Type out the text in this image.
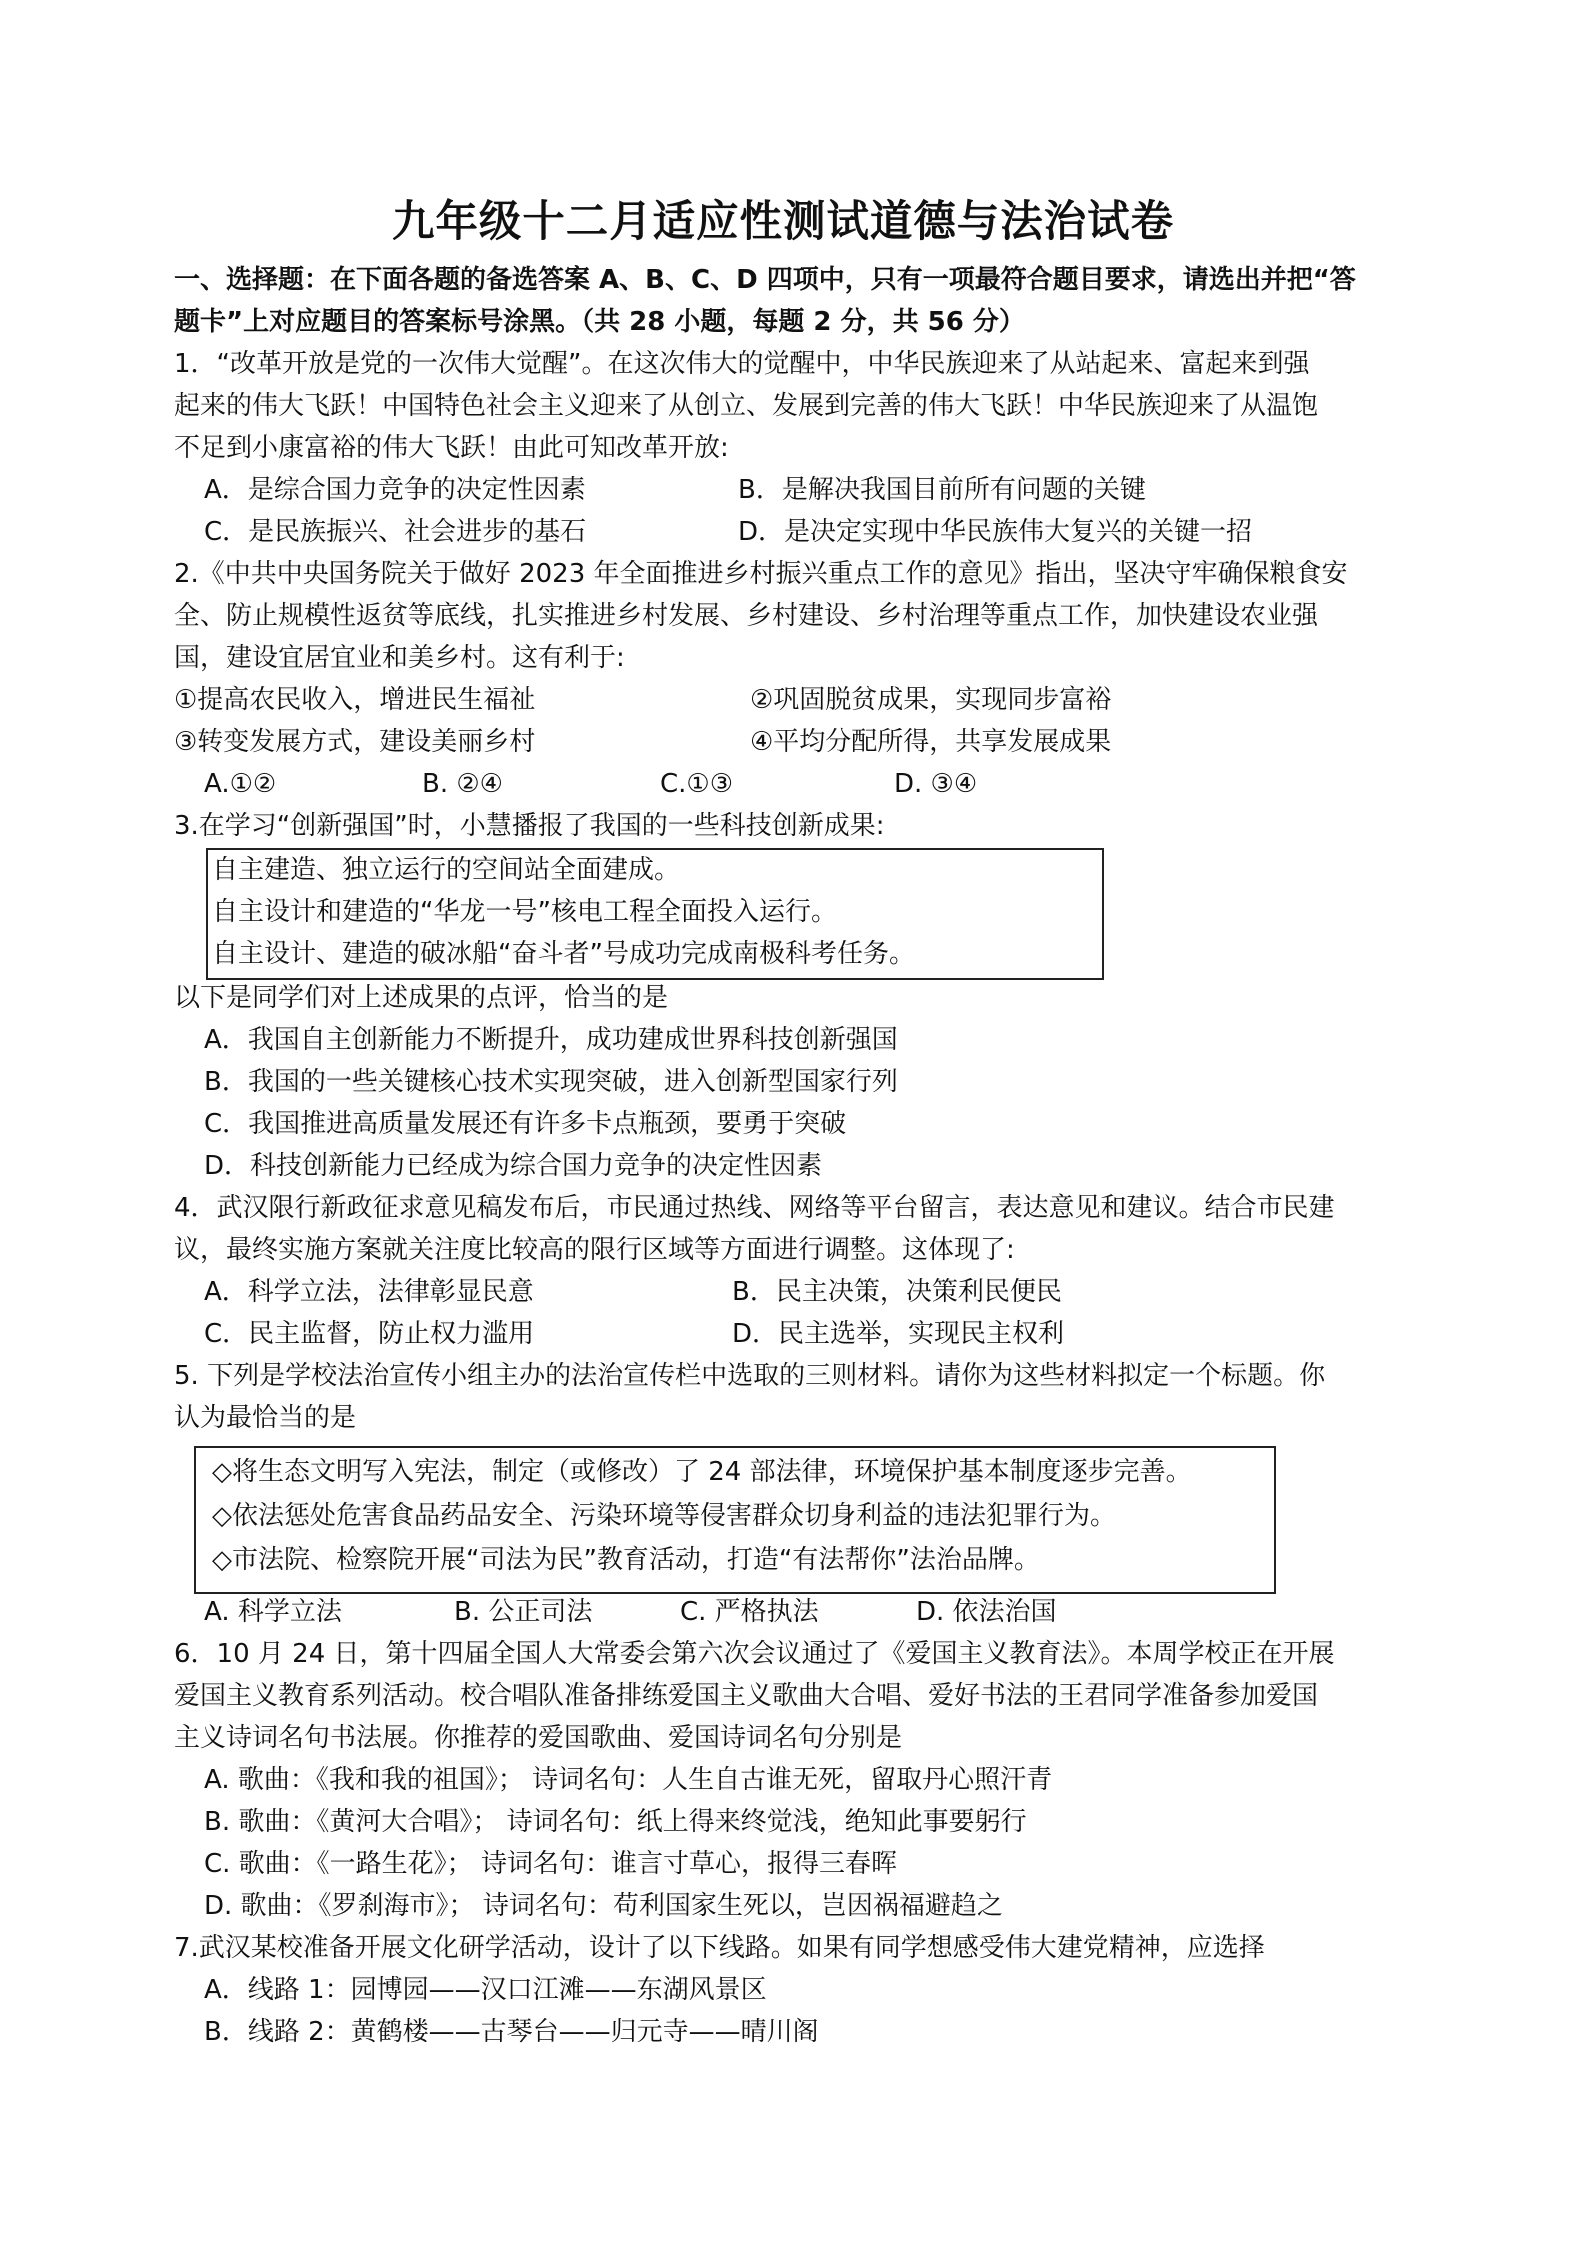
九年级十二月适应性测试道德与法治试卷
一、选择题：在下面各题的备选答案 A、B、C、D 四项中，只有一项最符合题目要求，请选出并把“答
题卡”上对应题目的答案标号涂黑。（共 28 小题，每题 2 分，共 56 分）
1．“改革开放是党的一次伟大觉醒”。在这次伟大的觉醒中，中华民族迎来了从站起来、富起来到强
起来的伟大飞跃！中国特色社会主义迎来了从创立、发展到完善的伟大飞跃！中华民族迎来了从温饱
不足到小康富裕的伟大飞跃！由此可知改革开放:
A．是综合国力竞争的决定性因素	B．是解决我国目前所有问题的关键
C．是民族振兴、社会进步的基石	D．是决定实现中华民族伟大复兴的关键一招
2.《中共中央国务院关于做好 2023 年全面推进乡村振兴重点工作的意见》指出，坚决守牢确保粮食安
全、防止规模性返贫等底线，扎实推进乡村发展、乡村建设、乡村治理等重点工作，加快建设农业强
国，建设宜居宜业和美乡村。这有利于:
①提高农民收入，增进民生福祉	②巩固脱贫成果，实现同步富裕
③转变发展方式，建设美丽乡村	④平均分配所得，共享发展成果
A.①②	B. ②④	C.①③	D. ③④
3.在学习“创新强国”时，小慧播报了我国的一些科技创新成果:
自主建造、独立运行的空间站全面建成。
自主设计和建造的“华龙一号”核电工程全面投入运行。
自主设计、建造的破冰船“奋斗者”号成功完成南极科考任务。
以下是同学们对上述成果的点评，恰当的是
A．我国自主创新能力不断提升，成功建成世界科技创新强国
B．我国的一些关键核心技术实现突破，进入创新型国家行列
C．我国推进高质量发展还有许多卡点瓶颈，要勇于突破
D．科技创新能力已经成为综合国力竞争的决定性因素
4．武汉限行新政征求意见稿发布后，市民通过热线、网络等平台留言，表达意见和建议。结合市民建
议，最终实施方案就关注度比较高的限行区域等方面进行调整。这体现了:
A．科学立法，法律彰显民意	B．民主决策，决策利民便民
C．民主监督，防止权力滥用	D．民主选举，实现民主权利
5. 下列是学校法治宣传小组主办的法治宣传栏中选取的三则材料。请你为这些材料拟定一个标题。你
认为最恰当的是
◇将生态文明写入宪法，制定（或修改）了 24 部法律，环境保护基本制度逐步完善。
◇依法惩处危害食品药品安全、污染环境等侵害群众切身利益的违法犯罪行为。
◇市法院、检察院开展“司法为民”教育活动，打造“有法帮你”法治品牌。
A. 科学立法	B. 公正司法	C. 严格执法	D. 依法治国
6．10 月 24 日，第十四届全国人大常委会第六次会议通过了《爱国主义教育法》。本周学校正在开展
爱国主义教育系列活动。校合唱队准备排练爱国主义歌曲大合唱、爱好书法的王君同学准备参加爱国
主义诗词名句书法展。你推荐的爱国歌曲、爱国诗词名句分别是
A. 歌曲：《我和我的祖国》； 诗词名句：人生自古谁无死，留取丹心照汗青
B. 歌曲：《黄河大合唱》； 诗词名句：纸上得来终觉浅，绝知此事要躬行
C. 歌曲：《一路生花》； 诗词名句：谁言寸草心，报得三春晖
D. 歌曲：《罗刹海市》； 诗词名句：苟利国家生死以，岂因祸福避趋之
7.武汉某校准备开展文化研学活动，设计了以下线路。如果有同学想感受伟大建党精神，应选择
A．线路 1：园博园——汉口江滩——东湖风景区
B．线路 2：黄鹤楼——古琴台——归元寺——晴川阁
